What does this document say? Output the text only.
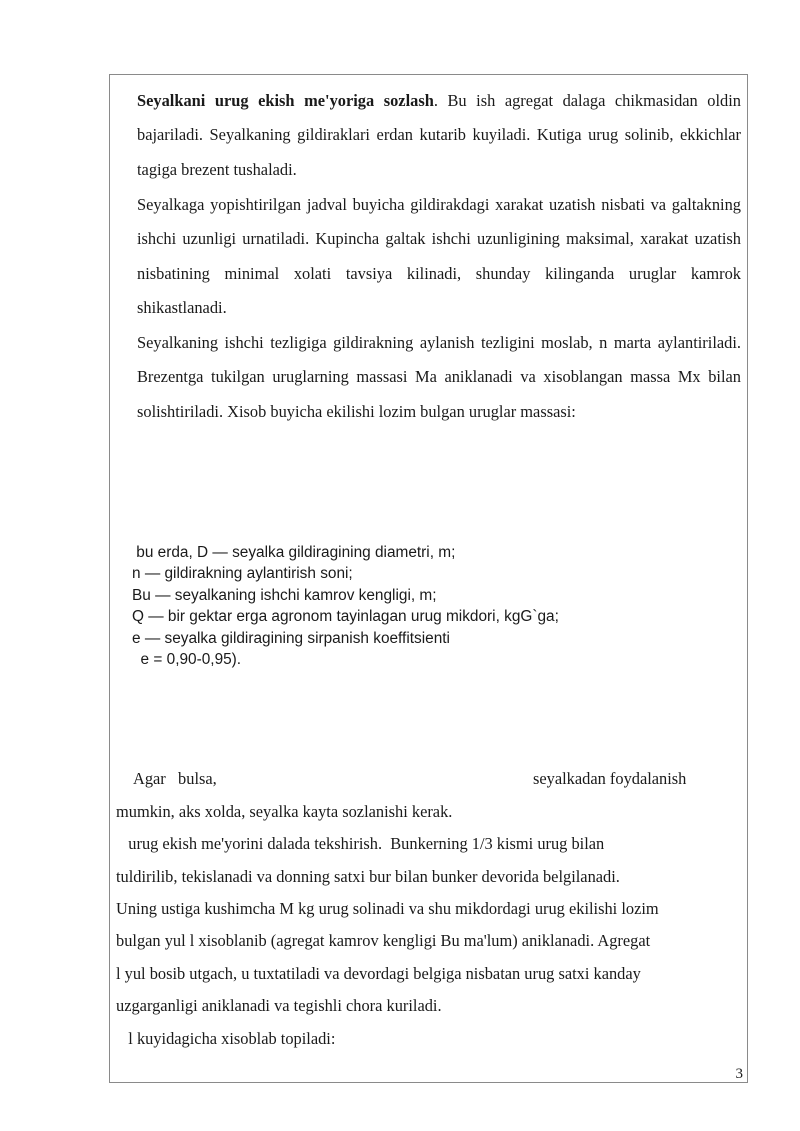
Seyalkani urug ekish me'yoriga sozlash. Bu ish agregat dalaga chikmasidan oldin bajariladi. Seyalkaning gildiraklari erdan kutarib kuyiladi. Kutiga urug solinib, ekkichlar tagiga brezent tushaladi.

Seyalkaga yopishtirilgan jadval buyicha gildirakdagi xarakat uzatish nisbati va galtakning ishchi uzunligi urnatiladi. Kupincha galtak ishchi uzunligining maksimal, xarakat uzatish nisbatining minimal xolati tavsiya kilinadi, shunday kilinganda uruglar kamrok shikastlanadi.

Seyalkaning ishchi tezligiga gildirakning aylanish tezligini moslab, n marta aylantiriladi. Brezentga tukilgan uruglarning massasi Ma aniklanadi va xisoblangan massa Mx bilan solishtiriladi. Xisob buyicha ekilishi lozim bulgan uruglar massasi:

bu erda, D — seyalka gildiragining diametri, m;
n — gildirakning aylantirish soni;
Bu — seyalkaning ishchi kamrov kengligi, m;
Q — bir gektar erga agronom tayinlagan urug mikdori, kgG`ga;
e — seyalka gildiragining sirpanish koeffitsienti
e = 0,90-0,95).
Agar   bulsa,	seyalkadan foydalanish
mumkin, aks xolda, seyalka kayta sozlanishi kerak.
urug ekish me'yorini dalada tekshirish.  Bunkerning 1/3 kismi urug bilan
tuldirilib, tekislanadi va donning satxi bur bilan bunker devorida belgilanadi.
Uning ustiga kushimcha M kg urug solinadi va shu mikdordagi urug ekilishi lozim
bulgan yul l xisoblanib (agregat kamrov kengligi Bu ma'lum) aniklanadi. Agregat
l yul bosib utgach, u tuxtatiladi va devordagi belgiga nisbatan urug satxi kanday
uzgarganligi aniklanadi va tegishli chora kuriladi.
l kuyidagicha xisoblab topiladi:
3
